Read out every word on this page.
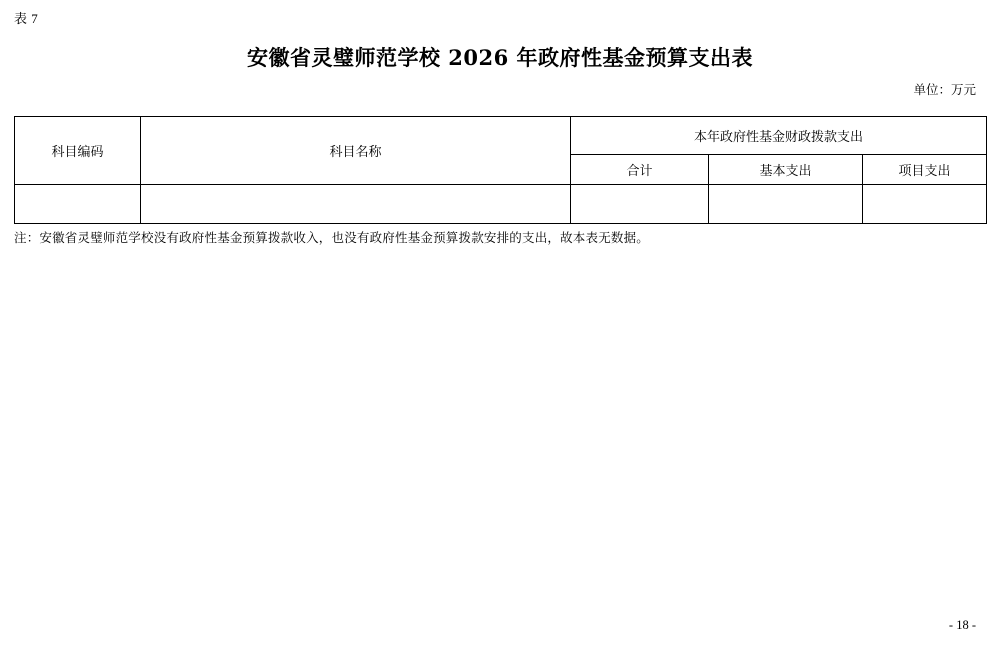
表 7
安徽省灵璧师范学校 2026 年政府性基金预算支出表
单位：万元
科目编码	科目名称	本年政府性基金财政拨款支出		
		合计	基本支出	项目支出

注：安徽省灵璧师范学校没有政府性基金预算拨款收入，也没有政府性基金预算拨款安排的支出，故本表无数据。
- 18 -
